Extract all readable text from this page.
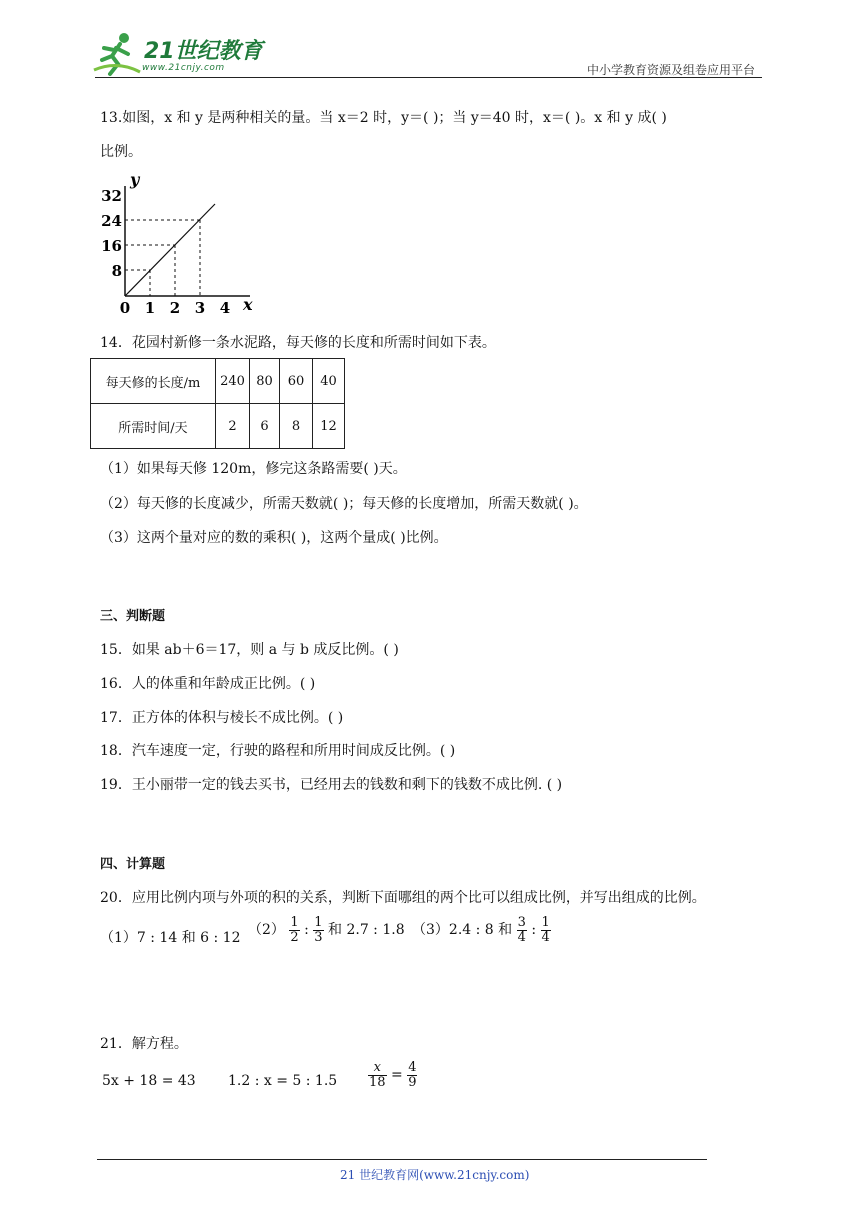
21世纪教育
www.21cnjy.com	中小学教育资源及组卷应用平台
13.如图，x 和 y 是两种相关的量。当 x＝2 时，y＝( )；当 y＝40 时，x＝( )。x 和 y 成( )
比例。
y
x
32
24
16
8
0 1 2 3 4
14．花园村新修一条水泥路，每天修的长度和所需时间如下表。
每天修的长度/m	240	80	60	40
所需时间/天	2	6	8	12
（1）如果每天修 120m，修完这条路需要( )天。
（2）每天修的长度减少，所需天数就( )；每天修的长度增加，所需天数就( )。
（3）这两个量对应的数的乘积( )，这两个量成( )比例。
三、判断题
15．如果 ab＋6＝17，则 a 与 b 成反比例。( )
16．人的体重和年龄成正比例。( )
17．正方体的体积与棱长不成比例。( )
18．汽车速度一定，行驶的路程和所用时间成反比例。( )
19．王小丽带一定的钱去买书，已经用去的钱数和剩下的钱数不成比例. ( )
四、计算题
20．应用比例内项与外项的积的关系，判断下面哪组的两个比可以组成比例，并写出组成的比例。
（1）7 : 14 和 6 : 12 $(2) \frac{1}{2}$ : $\frac{1}{3}$ 和 2.7 : 1.8 （3）2.4 : 8 和 $\frac{3}{4}$ : $\frac{1}{4}$
21．解方程。
5x + 18 = 43 1.2 : x = 5 : $1.5 \frac{x}{18} = \frac{4}{9}$
21 世纪教育网(www.21cnjy.com)
